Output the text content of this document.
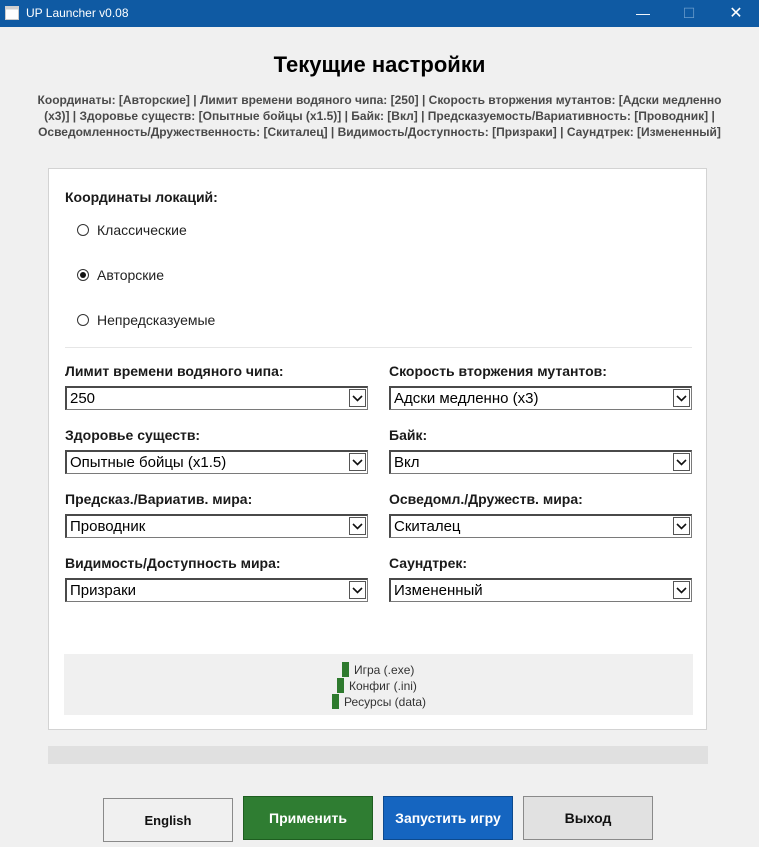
UP Launcher v0.08	—	☐	✕
Текущие настройки
Координаты: [Авторские] | Лимит времени водяного чипа: [250] | Скорость вторжения мутантов: [Адски медленно (x3)] | Здоровье существ: [Опытные бойцы (x1.5)] | Байк: [Вкл] | Предсказуемость/Вариативность: [Проводник] | Осведомленность/Дружественность: [Скиталец] | Видимость/Доступность: [Призраки] | Саундтрек: [Измененный]
Координаты локаций:
Классические
Авторские
Непредсказуемые
Лимит времени водяного чипа:
250
Скорость вторжения мутантов:
Адски медленно (x3)
Здоровье существ:
Опытные бойцы (x1.5)
Байк:
Вкл
Предсказ./Вариатив. мира:
Проводник
Осведомл./Дружеств. мира:
Скиталец
Видимость/Доступность мира:
Призраки
Саундтрек:
Измененный
Игра (.exe)
Конфиг (.ini)
Ресурсы (data)
English	Применить	Запустить игру	Выход
